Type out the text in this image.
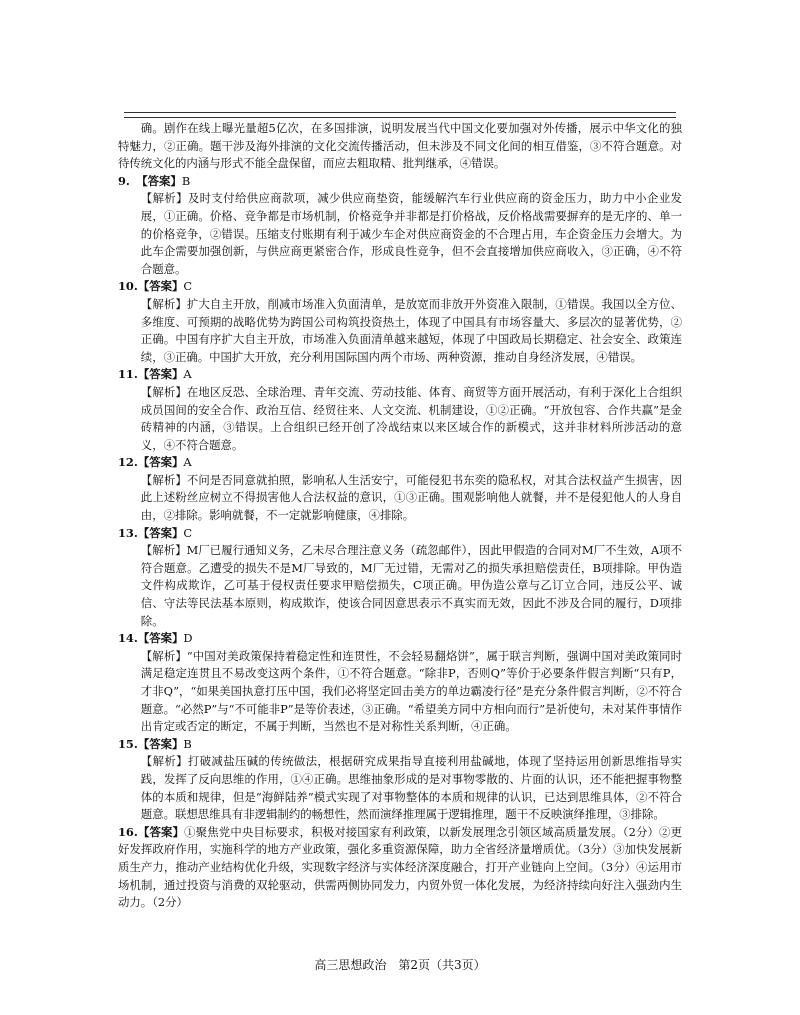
确。剧作在线上曝光量超5亿次，在多国排演，说明发展当代中国文化要加强对外传播，展示中华文化的独特魅力，②正确。题干涉及海外排演的文化交流传播活动，但未涉及不同文化间的相互借鉴，③不符合题意。对待传统文化的内涵与形式不能全盘保留，而应去粗取精、批判继承，④错误。

9. 【答案】B

【解析】及时支付给供应商款项，减少供应商垫资，能缓解汽车行业供应商的资金压力，助力中小企业发展，①正确。价格、竞争都是市场机制，价格竞争并非都是打价格战，反价格战需要摒弃的是无序的、单一的价格竞争，②错误。压缩支付账期有利于减少车企对供应商资金的不合理占用，车企资金压力会增大。为此车企需要加强创新，与供应商更紧密合作，形成良性竞争，但不会直接增加供应商收入，③正确，④不符合题意。

10.【答案】C

【解析】扩大自主开放，削减市场准入负面清单，是放宽而非放开外资准入限制，①错误。我国以全方位、多维度、可预期的战略优势为跨国公司构筑投资热土，体现了中国具有市场容量大、多层次的显著优势，②正确。中国有序扩大自主开放，市场准入负面清单越来越短，体现了中国政局长期稳定、社会安全、政策连续，③正确。中国扩大开放，充分利用国际国内两个市场、两种资源，推动自身经济发展，④错误。

11.【答案】A

【解析】在地区反恐、全球治理、青年交流、劳动技能、体育、商贸等方面开展活动，有利于深化上合组织成员国间的安全合作、政治互信、经贸往来、人文交流、机制建设，①②正确。“开放包容、合作共赢”是金砖精神的内涵，③错误。上合组织已经开创了冷战结束以来区域合作的新模式，这并非材料所涉活动的意义，④不符合题意。

12.【答案】A

【解析】不问是否同意就拍照，影响私人生活安宁，可能侵犯书东奕的隐私权，对其合法权益产生损害，因此上述粉丝应树立不得损害他人合法权益的意识，①③正确。围观影响他人就餐，并不是侵犯他人的人身自由，②排除。影响就餐，不一定就影响健康，④排除。

13.【答案】C

【解析】M厂已履行通知义务，乙未尽合理注意义务（疏忽邮件），因此甲假造的合同对M厂不生效，A项不符合题意。乙遭受的损失不是M厂导致的，M厂无过错，无需对乙的损失承担赔偿责任，B项排除。甲伪造文件构成欺诈，乙可基于侵权责任要求甲赔偿损失，C项正确。甲伪造公章与乙订立合同，违反公平、诚信、守法等民法基本原则，构成欺诈，使该合同因意思表示不真实而无效，因此不涉及合同的履行，D项排除。

14.【答案】D

【解析】“中国对美政策保持着稳定性和连贯性，不会轻易翻烙饼”，属于联言判断，强调中国对美政策同时满足稳定连贯且不易改变这两个条件，①不符合题意。“除非P，否则Q”等价于必要条件假言判断“只有P，才非Q”，“如果美国执意打压中国，我们必将坚定回击美方的单边霸凌行径”是充分条件假言判断，②不符合题意。“必然P”与“不可能非P”是等价表述，③正确。“希望美方同中方相向而行”是祈使句，未对某件事情作出肯定或否定的断定，不属于判断，当然也不是对称性关系判断，④正确。

15.【答案】B

【解析】打破减盐压碱的传统做法，根据研究成果指导直接利用盐碱地，体现了坚持运用创新思维指导实践，发挥了反向思维的作用，①④正确。思维抽象形成的是对事物零散的、片面的认识，还不能把握事物整体的本质和规律，但是“海鲜陆养”模式实现了对事物整体的本质和规律的认识，已达到思维具体，②不符合题意。联想思维具有非逻辑制约的畅想性，然而演绎推理属于逻辑推理，题干不反映演绎推理，③排除。

16.【答案】①聚焦党中央目标要求，积极对接国家有利政策，以新发展理念引领区域高质量发展。（2分）②更好发挥政府作用，实施科学的地方产业政策，强化多重资源保障，助力全省经济量增质优。（3分）③加快发展新质生产力，推动产业结构优化升级，实现数字经济与实体经济深度融合，打开产业链向上空间。（3分）④运用市场机制，通过投资与消费的双轮驱动，供需两侧协同发力，内贸外贸一体化发展，为经济持续向好注入强劲内生动力。（2分）

高三思想政治　第2页（共3页）
